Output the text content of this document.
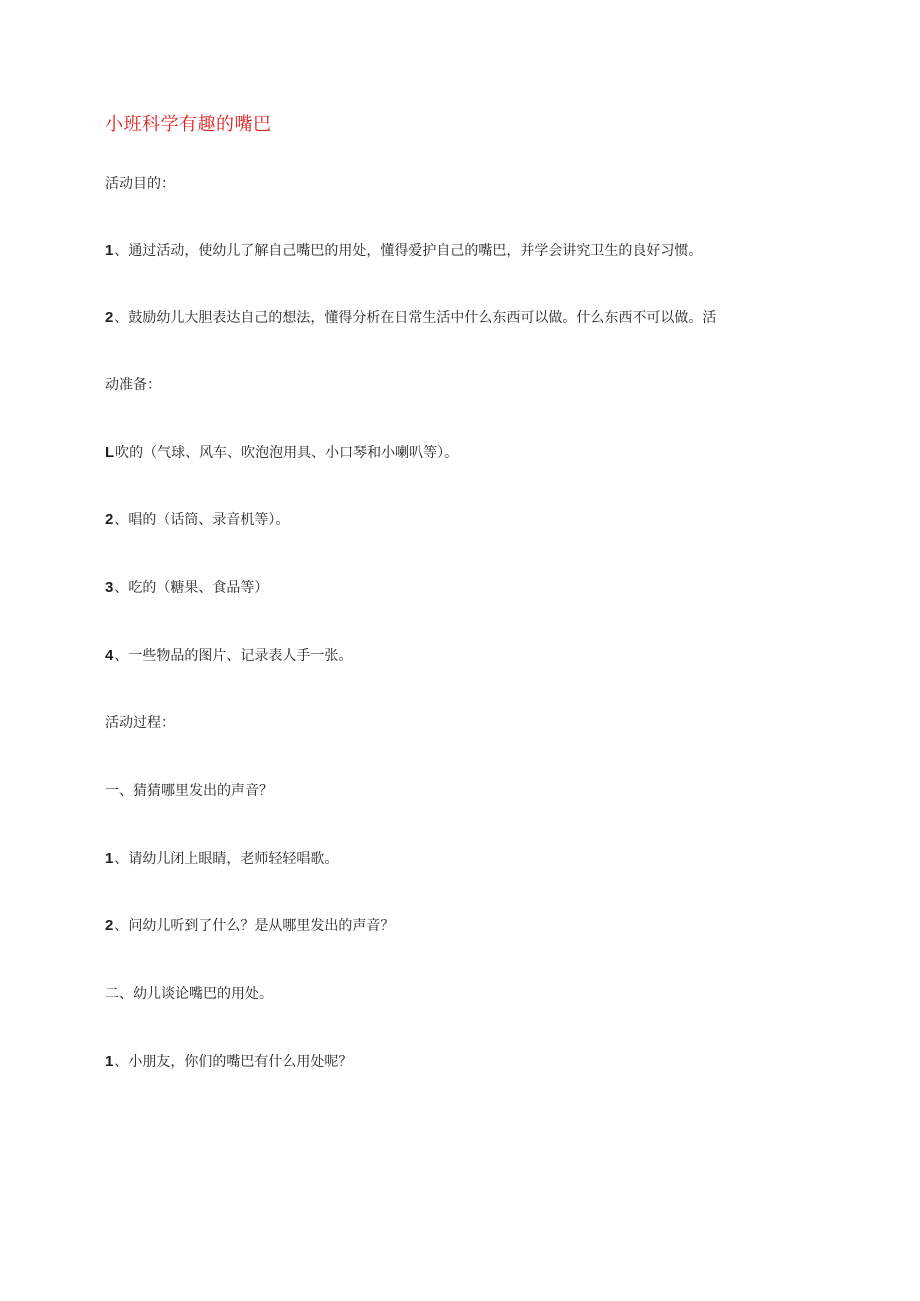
小班科学有趣的嘴巴
活动目的：
1、通过活动，使幼儿了解自己嘴巴的用处，懂得爱护自己的嘴巴，并学会讲究卫生的良好习惯。
2、鼓励幼儿大胆表达自己的想法，懂得分析在日常生活中什么东西可以做。什么东西不可以做。活
动准备：
L吹的（气球、风车、吹泡泡用具、小口琴和小喇叭等）。
2、唱的（话筒、录音机等）。
3、吃的（糖果、食品等）
4、一些物品的图片、记录表人手一张。
活动过程：
一、猜猜哪里发出的声音？
1、请幼儿闭上眼睛，老师轻轻唱歌。
2、问幼儿听到了什么？是从哪里发出的声音？
二、幼儿谈论嘴巴的用处。
1、小朋友，你们的嘴巴有什么用处呢？
